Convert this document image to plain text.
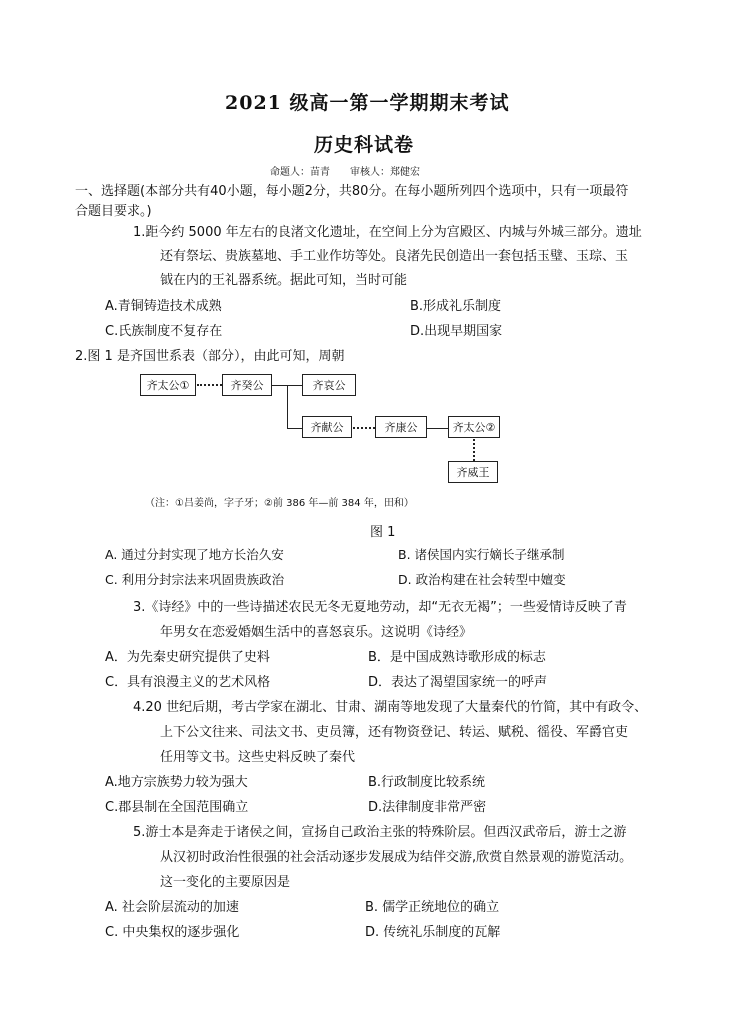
2021 级高一第一学期期末考试
历史科试卷
命题人：苗青　　审核人：郑健宏
一、选择题(本部分共有40小题，每小题2分，共80分。在每小题所列四个选项中，只有一项最符
合题目要求。)
1.距今约 5000 年左右的良渚文化遗址，在空间上分为宫殿区、内城与外城三部分。遗址
还有祭坛、贵族墓地、手工业作坊等处。良渚先民创造出一套包括玉璧、玉琮、玉
钺在内的王礼器系统。据此可知，当时可能
A.青铜铸造技术成熟	B.形成礼乐制度
C.氏族制度不复存在	D.出现早期国家
2.图 1 是齐国世系表（部分），由此可知，周朝
齐太公①	齐癸公	齐哀公
齐献公	齐康公	齐太公②
齐威王
（注：①吕姜尚，字子牙；②前 386 年—前 384 年，田和）
图 1
A. 通过分封实现了地方长治久安	B. 诸侯国内实行嫡长子继承制
C. 利用分封宗法来巩固贵族政治	D. 政治构建在社会转型中嬗变
3.《诗经》中的一些诗描述农民无冬无夏地劳动，却“无衣无褐”；一些爱情诗反映了青
年男女在恋爱婚姻生活中的喜怒哀乐。这说明《诗经》
A．为先秦史研究提供了史料	B．是中国成熟诗歌形成的标志
C．具有浪漫主义的艺术风格	D．表达了渴望国家统一的呼声
4.20 世纪后期，考古学家在湖北、甘肃、湖南等地发现了大量秦代的竹简，其中有政令、
上下公文往来、司法文书、吏员簿，还有物资登记、转运、赋税、徭役、军爵官吏
任用等文书。这些史料反映了秦代
A.地方宗族势力较为强大	B.行政制度比较系统
C.郡县制在全国范围确立	D.法律制度非常严密
5.游士本是奔走于诸侯之间，宣扬自己政治主张的特殊阶层。但西汉武帝后，游士之游
从汉初时政治性很强的社会活动逐步发展成为结伴交游,欣赏自然景观的游览活动。
这一变化的主要原因是
A. 社会阶层流动的加速	B. 儒学正统地位的确立
C. 中央集权的逐步强化	D. 传统礼乐制度的瓦解
